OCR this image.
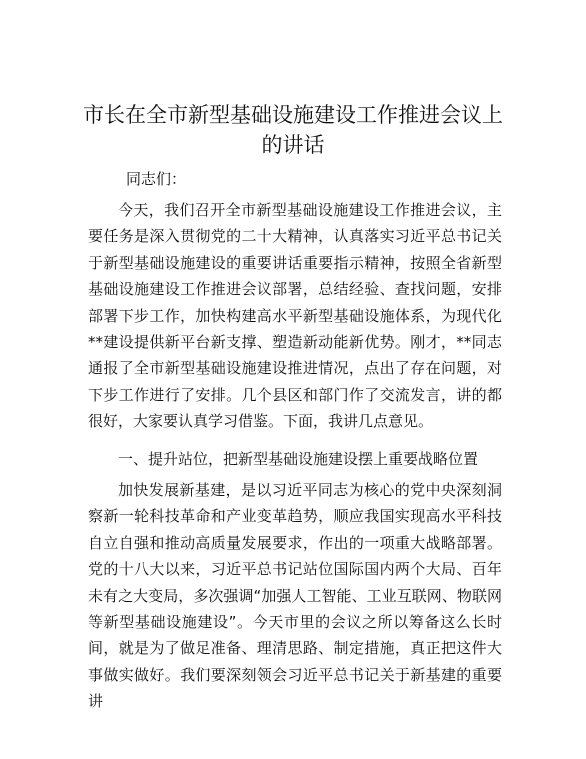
市长在全市新型基础设施建设工作推进会议上
的讲话
同志们：
今天，我们召开全市新型基础设施建设工作推进会议，主要任务是深入贯彻党的二十大精神，认真落实习近平总书记关于新型基础设施建设的重要讲话重要指示精神，按照全省新型基础设施建设工作推进会议部署，总结经验、查找问题，安排部署下步工作，加快构建高水平新型基础设施体系，为现代化**建设提供新平台新支撑、塑造新动能新优势。刚才，**同志通报了全市新型基础设施建设推进情况，点出了存在问题，对下步工作进行了安排。几个县区和部门作了交流发言，讲的都很好，大家要认真学习借鉴。下面，我讲几点意见。
一、提升站位，把新型基础设施建设摆上重要战略位置
加快发展新基建，是以习近平同志为核心的党中央深刻洞察新一轮科技革命和产业变革趋势，顺应我国实现高水平科技自立自强和推动高质量发展要求，作出的一项重大战略部署。党的十八大以来，习近平总书记站位国际国内两个大局、百年未有之大变局，多次强调“加强人工智能、工业互联网、物联网等新型基础设施建设”。今天市里的会议之所以筹备这么长时间，就是为了做足准备、理清思路、制定措施，真正把这件大事做实做好。我们要深刻领会习近平总书记关于新基建的重要讲
